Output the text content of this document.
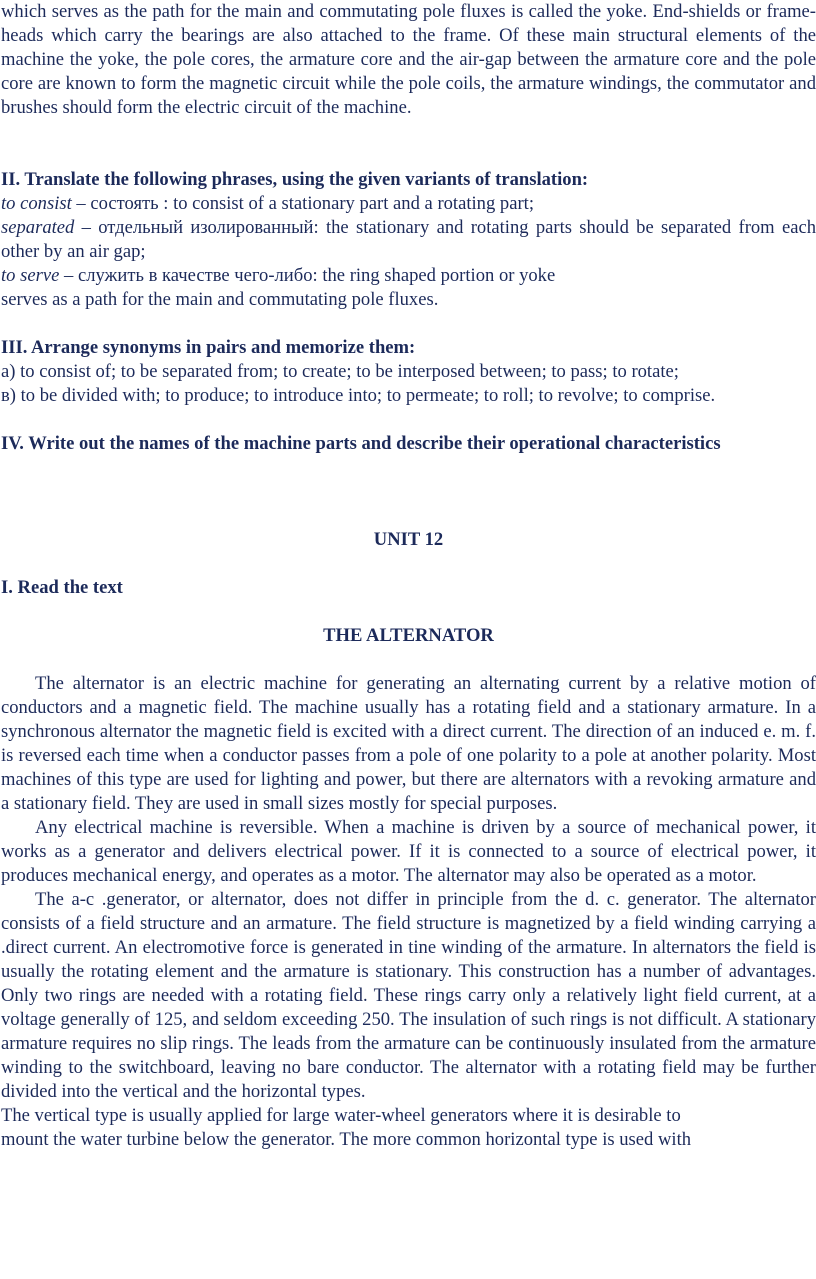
which serves as the path for the main and commutating pole fluxes is called the yoke. End-shields or frame-heads which carry the bearings are also attached to the frame. Of these main structural elements of the machine the yoke, the pole cores, the armature core and the air-gap between the armature core and the pole core are known to form the magnetic circuit while the pole coils, the armature windings, the commutator and brushes should form the electric circuit of the machine.

II. Translate the following phrases, using the given variants of translation:

to consist – состоять : to consist of a stationary part and a rotating part;

separated – отдельный изолированный: the stationary and rotating parts should be separated from each other by an air gap;

to serve – служить в качестве чего-либо: the ring shaped portion or yoke

serves as a path for the main and commutating pole fluxes.

III. Arrange synonyms in pairs and memorize them:

а) to consist of; to be separated from; to create; to be interposed between; to pass; to rotate;

в) to be divided with; to produce; to introduce into; to permeate; to roll; to revolve; to comprise.

IV. Write out the names of the machine parts and describe their operational characteristics

UNIT 12

I. Read the text

THE ALTERNATOR

The alternator is an electric machine for generating an alternating current by a relative motion of conductors and a magnetic field. The machine usually has a rotating field and a stationary armature. In a synchronous alternator the magnetic field is excited with a direct current. The direction of an induced e. m. f. is reversed each time when a conductor passes from a pole of one polarity to a pole at another polarity. Most machines of this type are used for lighting and power, but there are alternators with a revoking armature and a stationary field. They are used in small sizes mostly for special purposes.

Any electrical machine is reversible. When a machine is driven by a source of mechanical power, it works as a generator and delivers electrical power. If it is connected to a source of electrical power, it produces mechanical energy, and operates as a motor. The alternator may also be operated as a motor.

The a-c .generator, or alternator, does not differ in principle from the d. c. generator. The alternator consists of a field structure and an armature. The field structure is magnetized by a field winding carrying a .direct current. An electromotive force is generated in tine winding of the armature. In alternators the field is usually the rotating element and the armature is stationary. This construction has a number of advantages. Only two rings are needed with a rotating field. These rings carry only a relatively light field current, at a voltage generally of 125, and seldom exceeding 250. The insulation of such rings is not difficult. A stationary armature requires no slip rings. The leads from the armature can be continuously insulated from the armature winding to the switchboard, leaving no bare conductor. The alternator with a rotating field may be further divided into the vertical and the horizontal types.

The vertical type is usually applied for large water-wheel generators where it is desirable to

mount the water turbine below the generator. The more common horizontal type is used with
